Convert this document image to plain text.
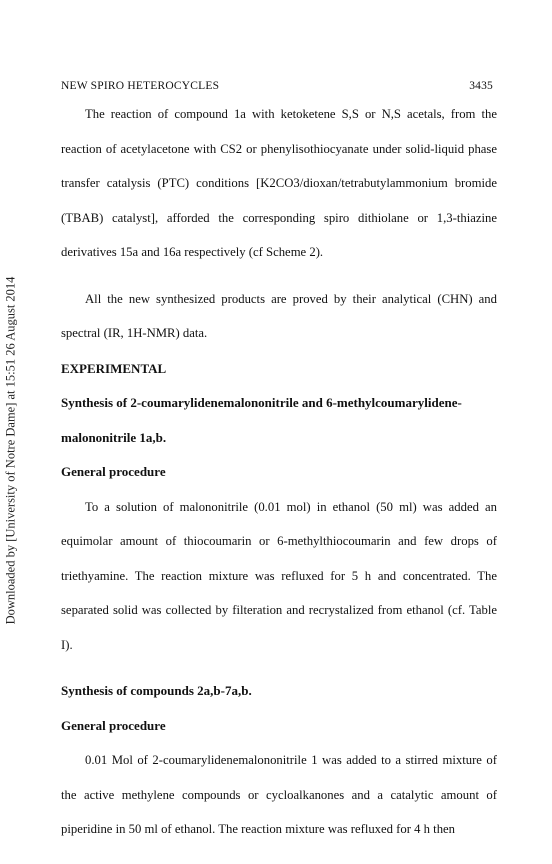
Downloaded by [University of Notre Dame] at 15:51 26 August 2014
NEW SPIRO HETEROCYCLES	3435

The reaction of compound 1a with ketoketene S,S or N,S acetals, from the reaction of acetylacetone with CS2 or phenylisothiocyanate under solid-liquid phase transfer catalysis (PTC) conditions [K2CO3/dioxan/tetrabutylammonium bromide (TBAB) catalyst], afforded the corresponding spiro dithiolane or 1,3-thiazine derivatives 15a and 16a respectively (cf Scheme 2).

All the new synthesized products are proved by their analytical (CHN) and spectral (IR, 1H-NMR) data.

EXPERIMENTAL

Synthesis of 2-coumarylidenemalononitrile and 6-methylcoumarylidene-malononitrile 1a,b.

General procedure

To a solution of malononitrile (0.01 mol) in ethanol (50 ml) was added an equimolar amount of thiocoumarin or 6-methylthiocoumarin and few drops of triethyamine. The reaction mixture was refluxed for 5 h and concentrated. The separated solid was collected by filteration and recrystalized from ethanol (cf. Table I).

Synthesis of compounds 2a,b-7a,b.

General procedure

0.01 Mol of 2-coumarylidenemalononitrile 1 was added to a stirred mixture of the active methylene compounds or cycloalkanones and a catalytic amount of piperidine in 50 ml of ethanol. The reaction mixture was refluxed for 4 h then
